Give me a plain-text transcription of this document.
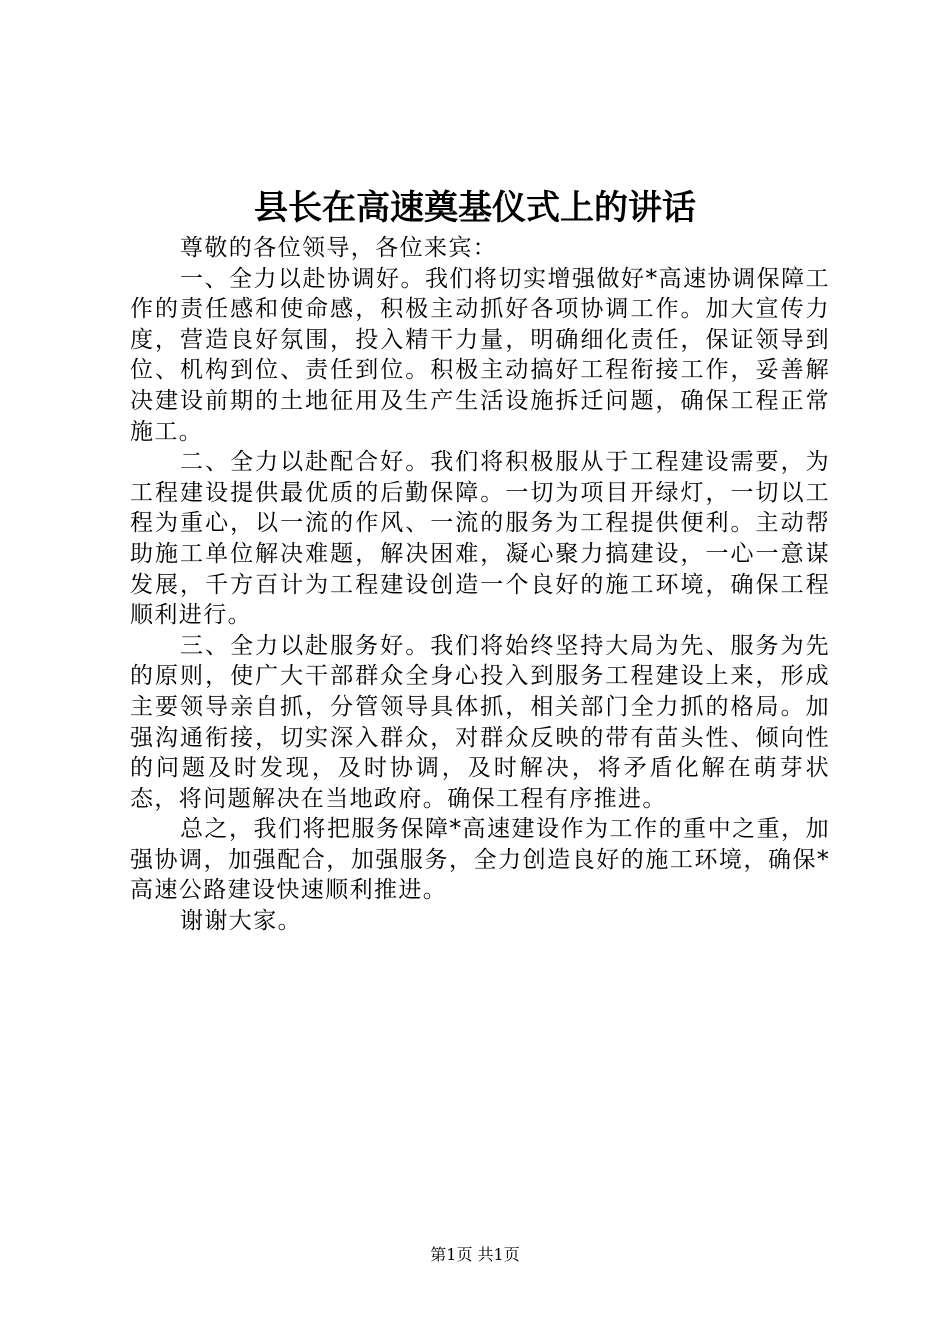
县长在高速奠基仪式上的讲话

尊敬的各位领导，各位来宾：

一、全力以赴协调好。我们将切实增强做好*高速协调保障工作的责任感和使命感，积极主动抓好各项协调工作。加大宣传力度，营造良好氛围，投入精干力量，明确细化责任，保证领导到位、机构到位、责任到位。积极主动搞好工程衔接工作，妥善解决建设前期的土地征用及生产生活设施拆迁问题，确保工程正常施工。

二、全力以赴配合好。我们将积极服从于工程建设需要，为工程建设提供最优质的后勤保障。一切为项目开绿灯，一切以工程为重心，以一流的作风、一流的服务为工程提供便利。主动帮助施工单位解决难题，解决困难，凝心聚力搞建设，一心一意谋发展，千方百计为工程建设创造一个良好的施工环境，确保工程顺利进行。

三、全力以赴服务好。我们将始终坚持大局为先、服务为先的原则，使广大干部群众全身心投入到服务工程建设上来，形成主要领导亲自抓，分管领导具体抓，相关部门全力抓的格局。加强沟通衔接，切实深入群众，对群众反映的带有苗头性、倾向性的问题及时发现，及时协调，及时解决，将矛盾化解在萌芽状态，将问题解决在当地政府。确保工程有序推进。

总之，我们将把服务保障*高速建设作为工作的重中之重，加强协调，加强配合，加强服务，全力创造良好的施工环境，确保*高速公路建设快速顺利推进。

谢谢大家。

第1页 共1页
